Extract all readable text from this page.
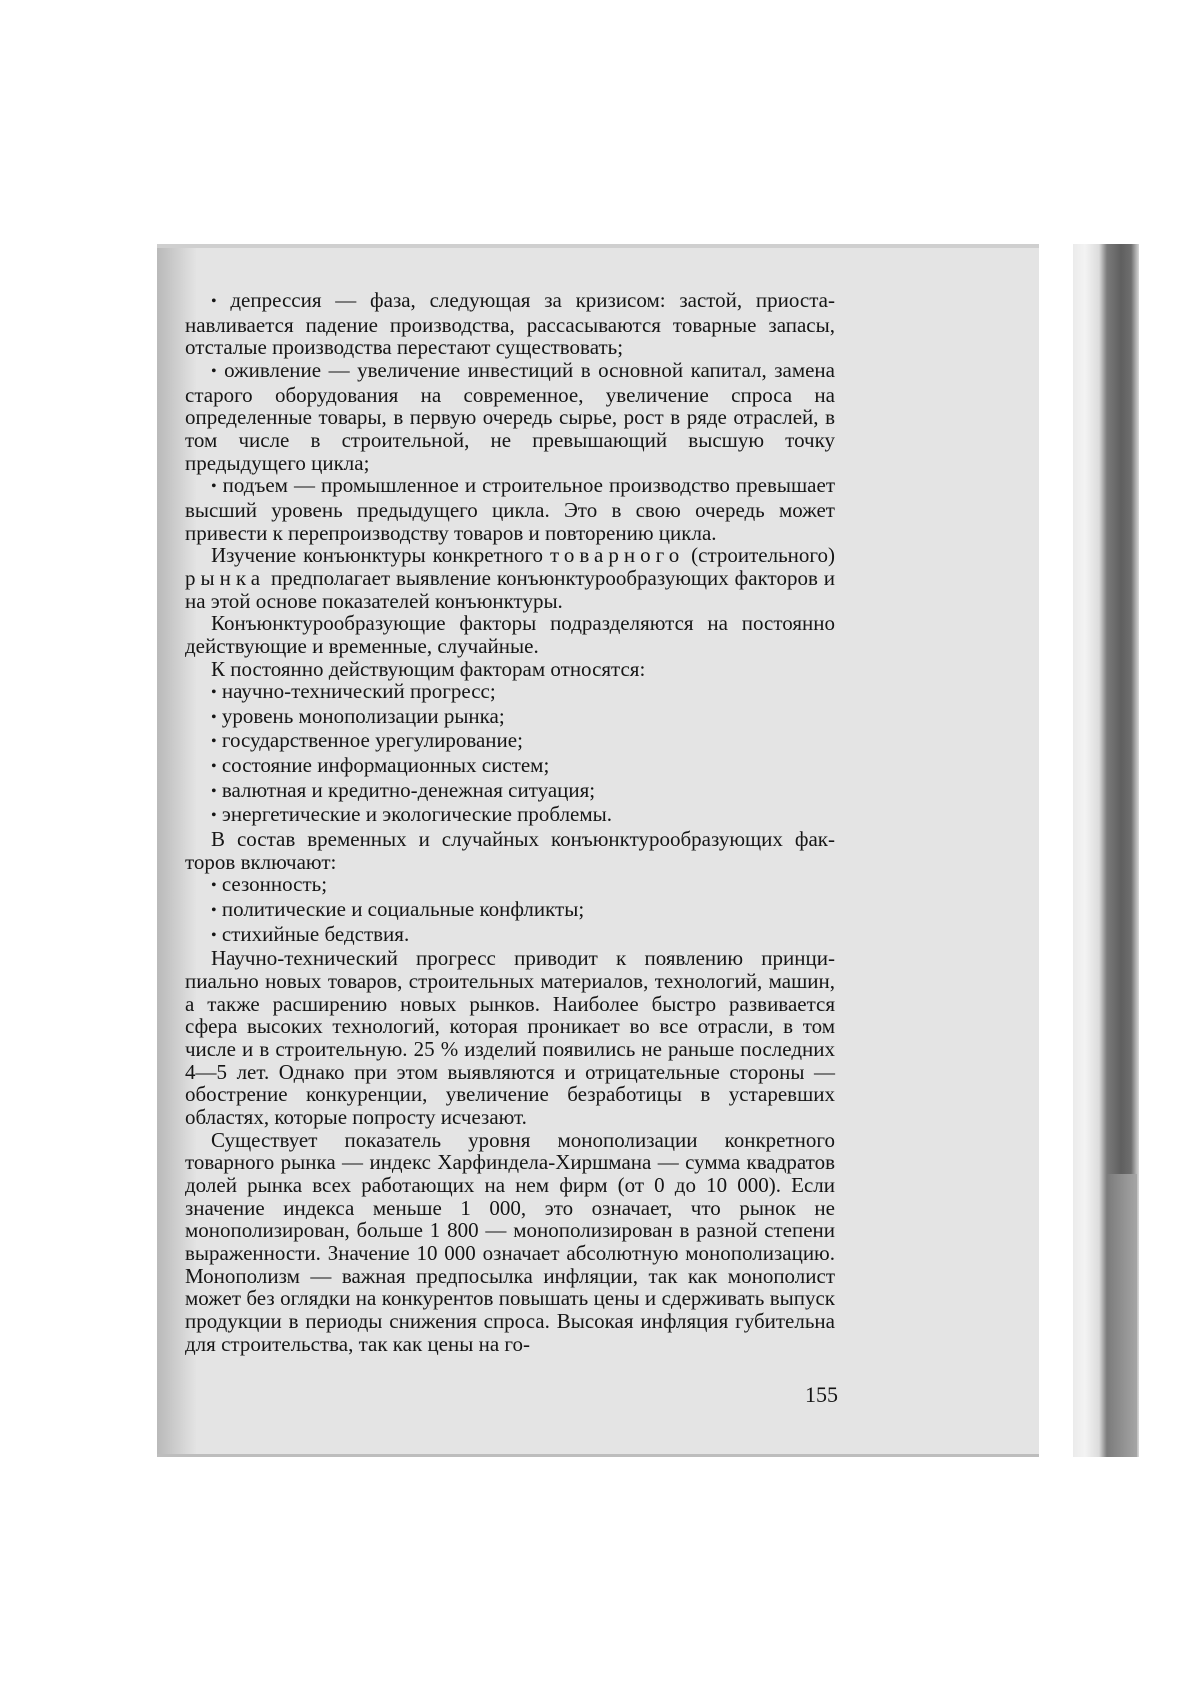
• депрессия — фаза, следующая за кризисом: застой, приостанавливается падение производства, рассасываются товарные запасы, отсталые производства перестают существовать;

• оживление — увеличение инвестиций в основной капитал, замена старого оборудования на современное, увеличение спроса на определенные товары, в первую очередь сырье, рост в ряде отраслей, в том числе в строительной, не превышающий высшую точку предыдущего цикла;

• подъем — промышленное и строительное производство превышает высший уровень предыдущего цикла. Это в свою очередь может привести к перепроизводству товаров и повторению цикла.

Изучение конъюнктуры конкретного товарного (строительного) рынка предполагает выявление конъюнктурообразующих факторов и на этой основе показателей конъюнктуры.

Конъюнктурообразующие факторы подразделяются на постоянно действующие и временные, случайные.

К постоянно действующим факторам относятся:

• научно-технический прогресс;

• уровень монополизации рынка;

• государственное урегулирование;

• состояние информационных систем;

• валютная и кредитно-денежная ситуация;

• энергетические и экологические проблемы.

В состав временных и случайных конъюнктурообразующих факторов включают:

• сезонность;

• политические и социальные конфликты;

• стихийные бедствия.

Научно-технический прогресс приводит к появлению принципиально новых товаров, строительных материалов, технологий, машин, а также расширению новых рынков. Наиболее быстро развивается сфера высоких технологий, которая проникает во все отрасли, в том числе и в строительную. 25 % изделий появились не раньше последних 4—5 лет. Однако при этом выявляются и отрицательные стороны — обострение конкуренции, увеличение безработицы в устаревших областях, которые попросту исчезают.

Существует показатель уровня монополизации конкретного товарного рынка — индекс Харфиндела-Хиршмана — сумма квадратов долей рынка всех работающих на нем фирм (от 0 до 10 000). Если значение индекса меньше 1 000, это означает, что рынок не монополизирован, больше 1 800 — монополизирован в разной степени выраженности. Значение 10 000 означает абсолютную монополизацию. Монополизм — важная предпосылка инфляции, так как монополист может без оглядки на конкурентов повышать цены и сдерживать выпуск продукции в периоды снижения спроса. Высокая инфляция губительна для строительства, так как цены на го-

155
